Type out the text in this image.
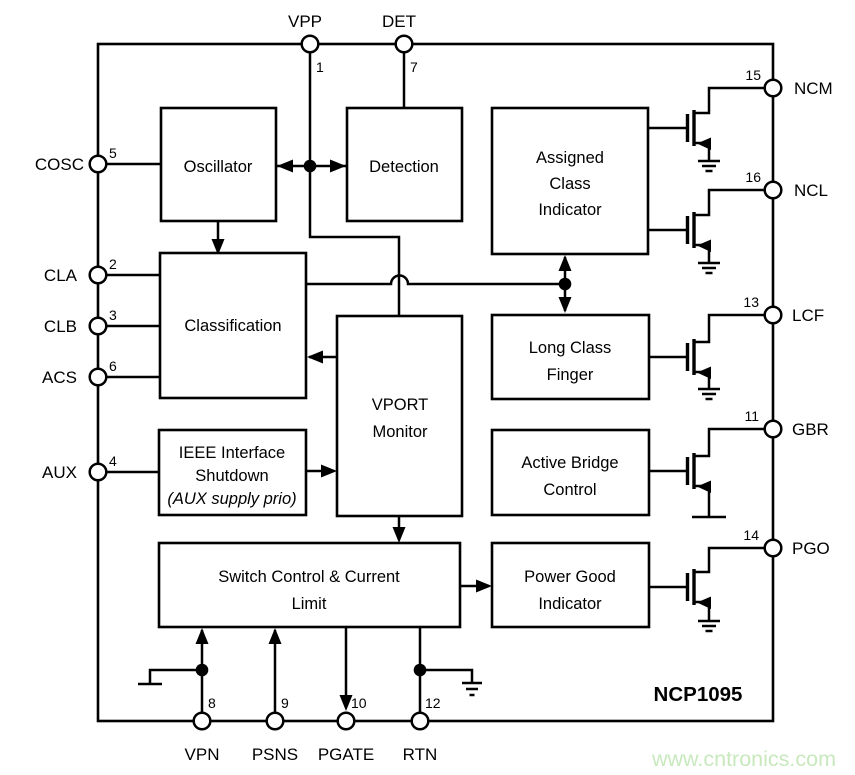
Oscillator	Detection	Assigned
Class
Indicator
Classification
VPORT
Monitor
Long Class
Finger
IEEE Interface
Shutdown
(AUX supply prio)
Active Bridge
Control
Switch Control & Current
Limit
Power Good
Indicator
VPP	DET
COSC
CLA
CLB
ACS
AUX
NCM
NCL
LCF
GBR
PGO
VPN PSNS PGATE RTN
1	7
5
2
3
6
4
15
16
13
11
14
8	9	10	12	NCP1095
www.cntronics.com
